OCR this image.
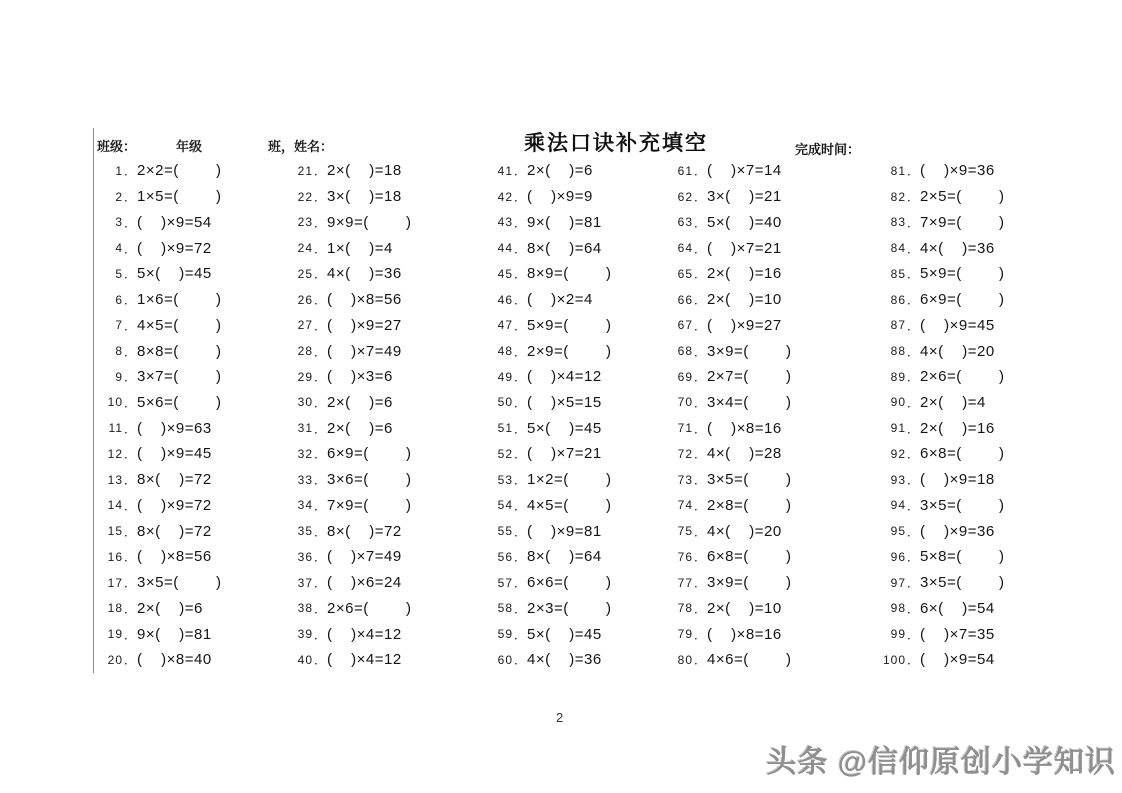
班级：	年级	班，姓名：	乘法口诀补充填空	完成时间：
1 ． 2×2=(        )
2 ． 1×5=(        )
3 ． (    )×9=54
4 ． (    )×9=72
5 ． 5×(    )=45
6 ． 1×6=(        )
7 ． 4×5=(        )
8 ． 8×8=(        )
9 ． 3×7=(        )
10 ． 5×6=(        )
11 ． (    )×9=63
12 ． (    )×9=45
13 ． 8×(    )=72
14 ． (    )×9=72
15 ． 8×(    )=72
16 ． (    )×8=56
17 ． 3×5=(        )
18 ． 2×(    )=6
19 ． 9×(    )=81
20 ． (    )×8=40
21 ． 2×(    )=18
22 ． 3×(    )=18
23 ． 9×9=(        )
24 ． 1×(    )=4
25 ． 4×(    )=36
26 ． (    )×8=56
27 ． (    )×9=27
28 ． (    )×7=49
29 ． (    )×3=6
30 ． 2×(    )=6
31 ． 2×(    )=6
32 ． 6×9=(        )
33 ． 3×6=(        )
34 ． 7×9=(        )
35 ． 8×(    )=72
36 ． (    )×7=49
37 ． (    )×6=24
38 ． 2×6=(        )
39 ． (    )×4=12
40 ． (    )×4=12
41 ． 2×(    )=6
42 ． (    )×9=9
43 ． 9×(    )=81
44 ． 8×(    )=64
45 ． 8×9=(        )
46 ． (    )×2=4
47 ． 5×9=(        )
48 ． 2×9=(        )
49 ． (    )×4=12
50 ． (    )×5=15
51 ． 5×(    )=45
52 ． (    )×7=21
53 ． 1×2=(        )
54 ． 4×5=(        )
55 ． (    )×9=81
56 ． 8×(    )=64
57 ． 6×6=(        )
58 ． 2×3=(        )
59 ． 5×(    )=45
60 ． 4×(    )=36
61 ． (    )×7=14
62 ． 3×(    )=21
63 ． 5×(    )=40
64 ． (    )×7=21
65 ． 2×(    )=16
66 ． 2×(    )=10
67 ． (    )×9=27
68 ． 3×9=(        )
69 ． 2×7=(        )
70 ． 3×4=(        )
71 ． (    )×8=16
72 ． 4×(    )=28
73 ． 3×5=(        )
74 ． 2×8=(        )
75 ． 4×(    )=20
76 ． 6×8=(        )
77 ． 3×9=(        )
78 ． 2×(    )=10
79 ． (    )×8=16
80 ． 4×6=(        )
81 ． (    )×9=36
82 ． 2×5=(        )
83 ． 7×9=(        )
84 ． 4×(    )=36
85 ． 5×9=(        )
86 ． 6×9=(        )
87 ． (    )×9=45
88 ． 4×(    )=20
89 ． 2×6=(        )
90 ． 2×(    )=4
91 ． 2×(    )=16
92 ． 6×8=(        )
93 ． (    )×9=18
94 ． 3×5=(        )
95 ． (    )×9=36
96 ． 5×8=(        )
97 ． 3×5=(        )
98 ． 6×(    )=54
99 ． (    )×7=35
100 ． (    )×9=54
2
头条 @信仰原创小学知识
